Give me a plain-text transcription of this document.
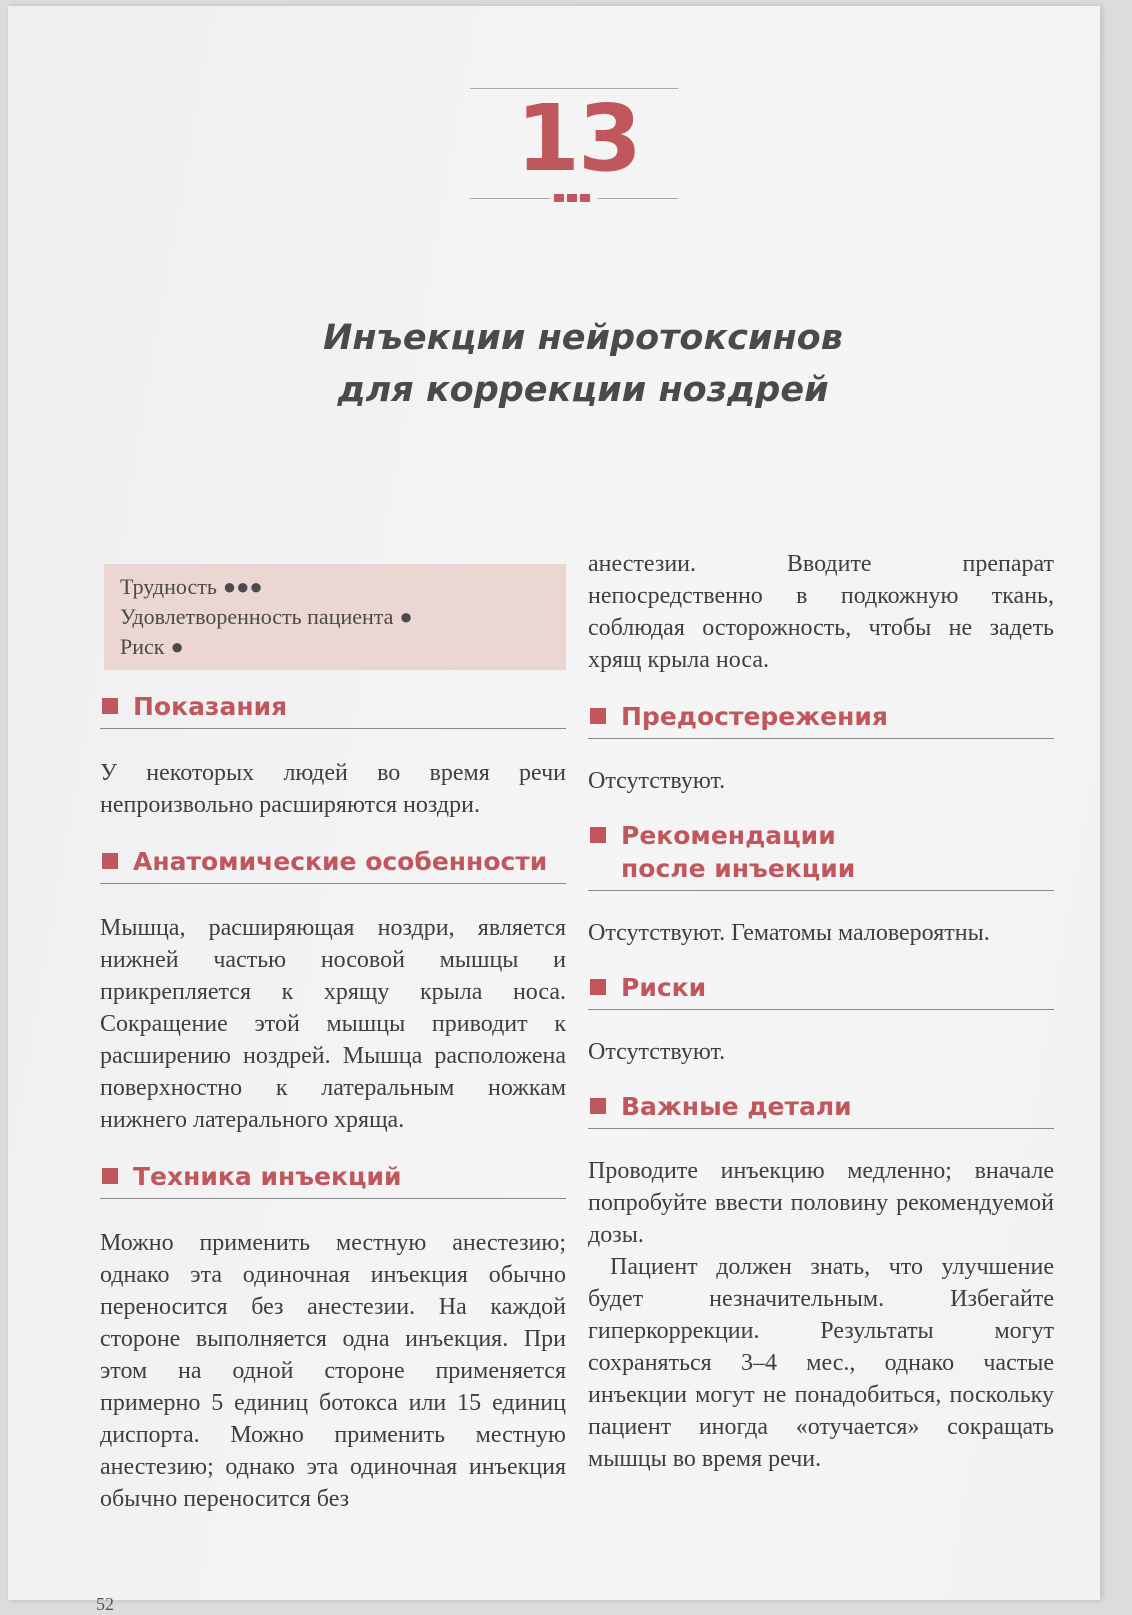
13
Инъекции нейротоксинов
для коррекции ноздрей
Трудность ●●●
Удовлетворенность пациента ●
Риск ●
Показания

У некоторых людей во время речи непроизвольно расширяются ноздри.

Анатомические особенности

Мышца, расширяющая ноздри, является нижней частью носовой мышцы и прикрепляется к хрящу крыла носа. Сокращение этой мышцы приводит к расширению ноздрей. Мышца расположена поверхностно к латеральным ножкам нижнего латерального хряща.

Техника инъекций

Можно применить местную анестезию; однако эта одиночная инъекция обычно переносится без анестезии. На каждой стороне выполняется одна инъекция. При этом на одной стороне применяется примерно 5 единиц ботокса или 15 единиц диспорта. Можно применить местную анестезию; однако эта одиночная инъекция обычно переносится без

анестезии. Вводите препарат непосредственно в подкожную ткань, соблюдая осторожность, чтобы не задеть хрящ крыла носа.

Предостережения

Отсутствуют.

Рекомендации
после инъекции

Отсутствуют. Гематомы маловероятны.

Риски

Отсутствуют.

Важные детали

Проводите инъекцию медленно; вначале попробуйте ввести половину рекомендуемой дозы.

Пациент должен знать, что улучшение будет незначительным. Избегайте гиперкоррекции. Результаты могут сохраняться 3–4 мес., однако частые инъекции могут не понадобиться, поскольку пациент иногда «отучается» сокращать мышцы во время речи.

52
